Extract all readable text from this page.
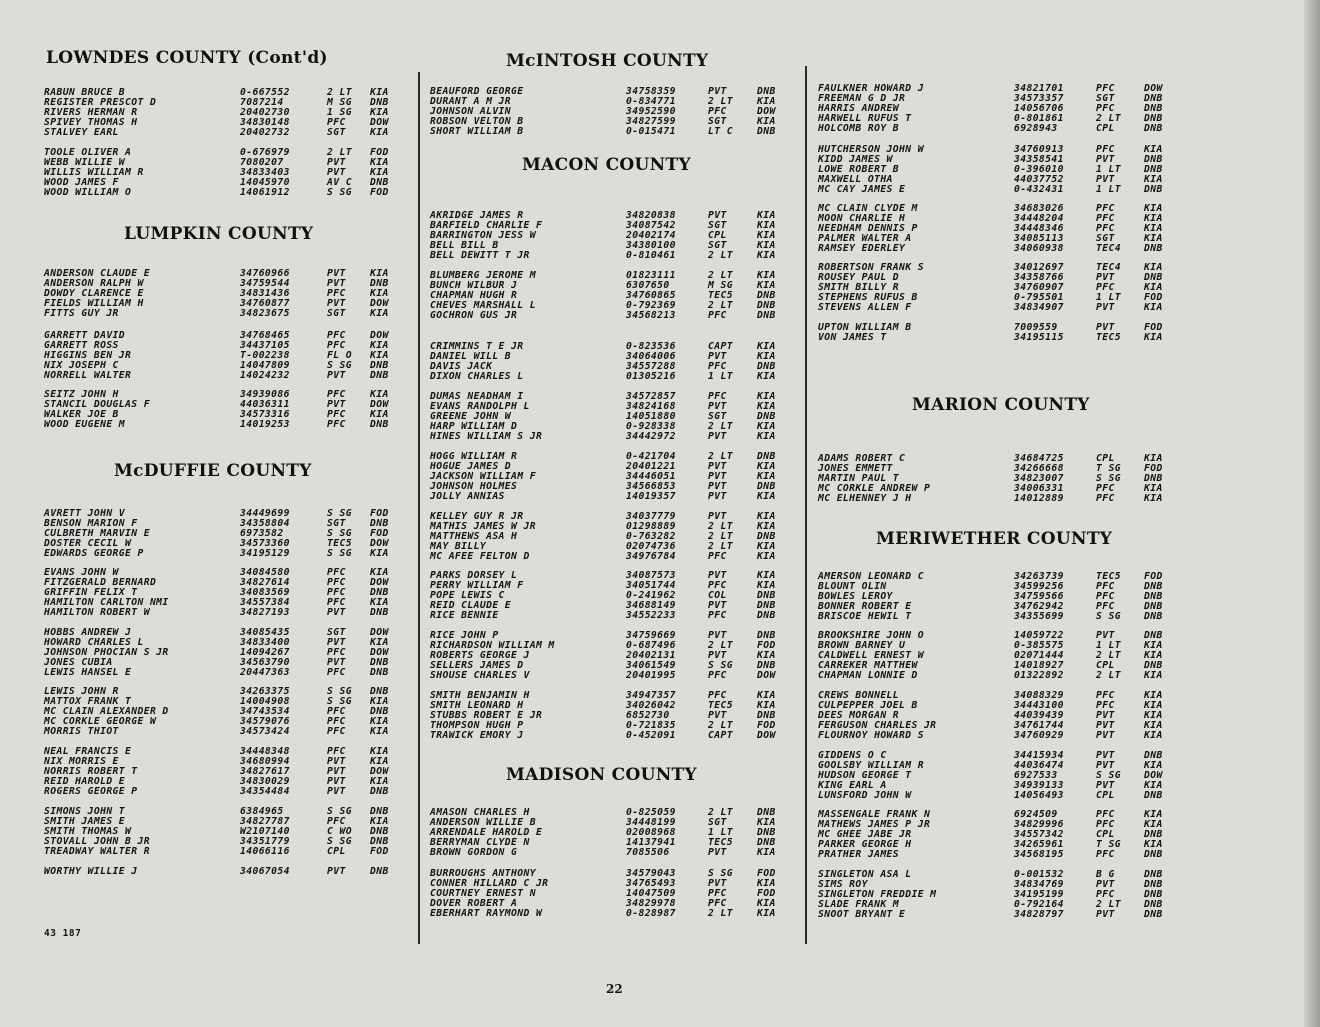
LOWNDES COUNTY (Cont'd)
RABUN BRUCE B	0-667552	2 LT KIA
REGISTER PRESCOT D	7087214	M SG DNB
RIVERS HERMAN R	20402730	1 SG KIA
SPIVEY THOMAS H	34830148	PFC	DOW
STALVEY EARL	20402732	SGT	KIA
TOOLE OLIVER A	0-676979	2 LT FOD
WEBB WILLIE W	7080207	PVT	KIA
WILLIS WILLIAM R	34833403	PVT	KIA
WOOD JAMES F	14045970	AV C DNB
WOOD WILLIAM O	14061912	S SG FOD
LUMPKIN COUNTY
ANDERSON CLAUDE E	34760966	PVT	KIA
ANDERSON RALPH W	34759544	PVT	DNB
DOWDY CLARENCE E	34831436	PFC	KIA
FIELDS WILLIAM H	34760877	PVT	DOW
FITTS GUY JR	34823675	SGT	KIA
GARRETT DAVID	34768465	PFC	DOW
GARRETT ROSS	34437105	PFC	KIA
HIGGINS BEN JR	T-002238	FL O KIA
NIX JOSEPH C	14047809	S SG DNB
NORRELL WALTER	14024232	PVT	DNB
SEITZ JOHN H	34939086	PFC	KIA
STANCIL DOUGLAS F	44036311	PVT	DOW
WALKER JOE B	34573316	PFC	KIA
WOOD EUGENE M	14019253	PFC	DNB
McDUFFIE COUNTY
AVRETT JOHN V	34449699	S SG FOD
BENSON MARION F	34358804	SGT	DNB
CULBRETH MARVIN E	6973582	S SG FOD
DOSTER CECIL W	34573360	TEC5 DOW
EDWARDS GEORGE P	34195129	S SG KIA
EVANS JOHN W	34084580	PFC	KIA
FITZGERALD BERNARD	34827614	PFC	DOW
GRIFFIN FELIX T	34083569	PFC	DNB
HAMILTON CARLTON NMI	34557384	PFC	KIA
HAMILTON ROBERT W	34827193	PVT	DNB
HOBBS ANDREW J	34085435	SGT	DOW
HOWARD CHARLES L	34833400	PVT	KIA
JOHNSON PHOCIAN S JR	14094267	PFC	DOW
JONES CUBIA	34563790	PVT	DNB
LEWIS HANSEL E	20447363	PFC	DNB
LEWIS JOHN R	34263375	S SG DNB
MATTOX FRANK T	14004908	S SG KIA
MC CLAIN ALEXANDER D	34743534	PFC	DNB
MC CORKLE GEORGE W	34579076	PFC	KIA
MORRIS THIOT	34573424	PFC	KIA
NEAL FRANCIS E	34448348	PFC	KIA
NIX MORRIS E	34680994	PVT	KIA
NORRIS ROBERT T	34827617	PVT	DOW
REID HAROLD E	34830029	PVT	KIA
ROGERS GEORGE P	34354484	PVT	DNB
SIMONS JOHN T	6384965	S SG DNB
SMITH JAMES E	34827787	PFC	KIA
SMITH THOMAS W	W2107140	C WO DNB
STOVALL JOHN B JR	34351779	S SG DNB
TREADWAY WALTER R	14066116	CPL	FOD
WORTHY WILLIE J	34067054	PVT	DNB
McINTOSH COUNTY
BEAUFORD GEORGE	34758359	PVT	DNB
DURANT A M JR	0-834771	2 LT KIA
JOHNSON ALVIN	34952590	PFC	DOW
ROBSON VELTON B	34827599	SGT	KIA
SHORT WILLIAM B	0-015471	LT C DNB
MACON COUNTY
AKRIDGE JAMES R	34820838	PVT	KIA
BARFIELD CHARLIE F	34087542	SGT	KIA
BARRINGTON JESS W	20402174	CPL	KIA
BELL BILL B	34380100	SGT	KIA
BELL DEWITT T JR	0-810461	2 LT KIA
BLUMBERG JEROME M	01823111	2 LT KIA
BUNCH WILBUR J	6307650	M SG KIA
CHAPMAN HUGH R	34760865	TEC5 DNB
CHEVES MARSHALL L	0-792369	2 LT DNB
GOCHRON GUS JR	34568213	PFC	DNB
CRIMMINS T E JR	0-823536	CAPT KIA
DANIEL WILL B	34064006	PVT	KIA
DAVIS JACK	34557288	PFC	DNB
DIXON CHARLES L	01305216	1 LT KIA
DUMAS NEADHAM I	34572857	PFC	KIA
EVANS RANDOLPH L	34824168	PVT	KIA
GREENE JOHN W	14051880	SGT	DNB
HARP WILLIAM D	0-928338	2 LT KIA
HINES WILLIAM S JR	34442972	PVT	KIA
HOGG WILLIAM R	0-421704	2 LT DNB
HOGUE JAMES D	20401221	PVT	KIA
JACKSON WILLIAM F	34446051	PVT	KIA
JOHNSON HOLMES	34566853	PVT	DNB
JOLLY ANNIAS	14019357	PVT	KIA
KELLEY GUY R JR	34037779	PVT	KIA
MATHIS JAMES W JR	01298889	2 LT KIA
MATTHEWS ASA H	0-763282	2 LT DNB
MAY BILLY	02074736	2 LT KIA
MC AFEE FELTON D	34976784	PFC	KIA
PARKS DORSEY L	34087573	PVT	KIA
PERRY WILLIAM F	34051744	PFC	KIA
POPE LEWIS C	0-241962	COL	DNB
REID CLAUDE E	34688149	PVT	DNB
RICE BENNIE	34552233	PFC	DNB
RICE JOHN P	34759669	PVT	DNB
RICHARDSON WILLIAM M	0-687496	2 LT FOD
ROBERTS GEORGE J	20402131	PVT	KIA
SELLERS JAMES D	34061549	S SG DNB
SHOUSE CHARLES V	20401995	PFC	DOW
SMITH BENJAMIN H	34947357	PFC	KIA
SMITH LEONARD H	34026042	TEC5 KIA
STUBBS ROBERT E JR	6852730	PVT	DNB
THOMPSON HUGH P	0-721835	2 LT FOD
TRAWICK EMORY J	0-452091	CAPT DOW
MADISON COUNTY
AMASON CHARLES H	0-825059	2 LT DNB
ANDERSON WILLIE B	34448199	SGT	KIA
ARRENDALE HAROLD E	02008968	1 LT DNB
BERRYMAN CLYDE N	14137941	TEC5 DNB
BROWN GORDON G	7085506	PVT	KIA
BURROUGHS ANTHONY	34579043	S SG FOD
CONNER HILLARD C JR	34765493	PVT	KIA
COURTNEY ERNEST N	14047509	PFC	FOD
DOVER ROBERT A	34829978	PFC	KIA
EBERHART RAYMOND W	0-828987	2 LT KIA
FAULKNER HOWARD J	34821701	PFC	DOW
FREEMAN G D JR	34573357	SGT	DNB
HARRIS ANDREW	14056706	PFC	DNB
HARWELL RUFUS T	0-801861	2 LT DNB
HOLCOMB ROY B	6928943	CPL	DNB
HUTCHERSON JOHN W	34760913	PFC	KIA
KIDD JAMES W	34358541	PVT	DNB
LOWE ROBERT B	0-396010	1 LT DNB
MAXWELL OTHA	44037752	PVT	KIA
MC CAY JAMES E	0-432431	1 LT DNB
MC CLAIN CLYDE M	34683026	PFC	KIA
MOON CHARLIE H	34448204	PFC	KIA
NEEDHAM DENNIS P	34448346	PFC	KIA
PALMER WALTER A	34085113	SGT	KIA
RAMSEY EDERLEY	34060938	TEC4 DNB
ROBERTSON FRANK S	34012697	TEC4 KIA
ROUSEY PAUL D	34358766	PVT	DNB
SMITH BILLY R	34760907	PFC	KIA
STEPHENS RUFUS B	0-795501	1 LT FOD
STEVENS ALLEN F	34834907	PVT	KIA
UPTON WILLIAM B	7009559	PVT	FOD
VON JAMES T	34195115	TEC5 KIA
MARION COUNTY
ADAMS ROBERT C	34684725	CPL	KIA
JONES EMMETT	34266668	T SG FOD
MARTIN PAUL T	34823007	S SG DNB
MC CORKLE ANDREW P	34006331	PFC	KIA
MC ELHENNEY J H	14012889	PFC	KIA
MERIWETHER COUNTY
AMERSON LEONARD C	34263739	TEC5 FOD
BLOUNT OLIN	34599256	PFC	DNB
BOWLES LEROY	34759566	PFC	DNB
BONNER ROBERT E	34762942	PFC	DNB
BRISCOE HEWIL T	34355699	S SG DNB
BROOKSHIRE JOHN O	14059722	PVT	DNB
BROWN BARNEY U	0-385575	1 LT KIA
CALDWELL ERNEST W	02071444	2 LT KIA
CARREKER MATTHEW	14018927	CPL	DNB
CHAPMAN LONNIE D	01322892	2 LT KIA
CREWS BONNELL	34088329	PFC	KIA
CULPEPPER JOEL B	34443100	PFC	KIA
DEES MORGAN R	44039439	PVT	KIA
FERGUSON CHARLES JR	34761744	PVT	KIA
FLOURNOY HOWARD S	34760929	PVT	KIA
GIDDENS O C	34415934	PVT	DNB
GOOLSBY WILLIAM R	44036474	PVT	KIA
HUDSON GEORGE T	6927533	S SG DOW
KING EARL A	34939133	PVT	KIA
LUNSFORD JOHN W	14056493	CPL	DNB
MASSENGALE FRANK N	6924509	PFC	KIA
MATHEWS JAMES P JR	34829996	PFC	KIA
MC GHEE JABE JR	34557342	CPL	DNB
PARKER GEORGE H	34265961	T SG KIA
PRATHER JAMES	34568195	PFC	DNB
SINGLETON ASA L	0-001532	B G	DNB
SIMS ROY	34834769	PVT	DNB
SINGLETON FREDDIE M	34195199	PFC	DNB
SLADE FRANK M	0-792164	2 LT DNB
SNOOT BRYANT E	34828797	PVT	DNB
43 187
22
